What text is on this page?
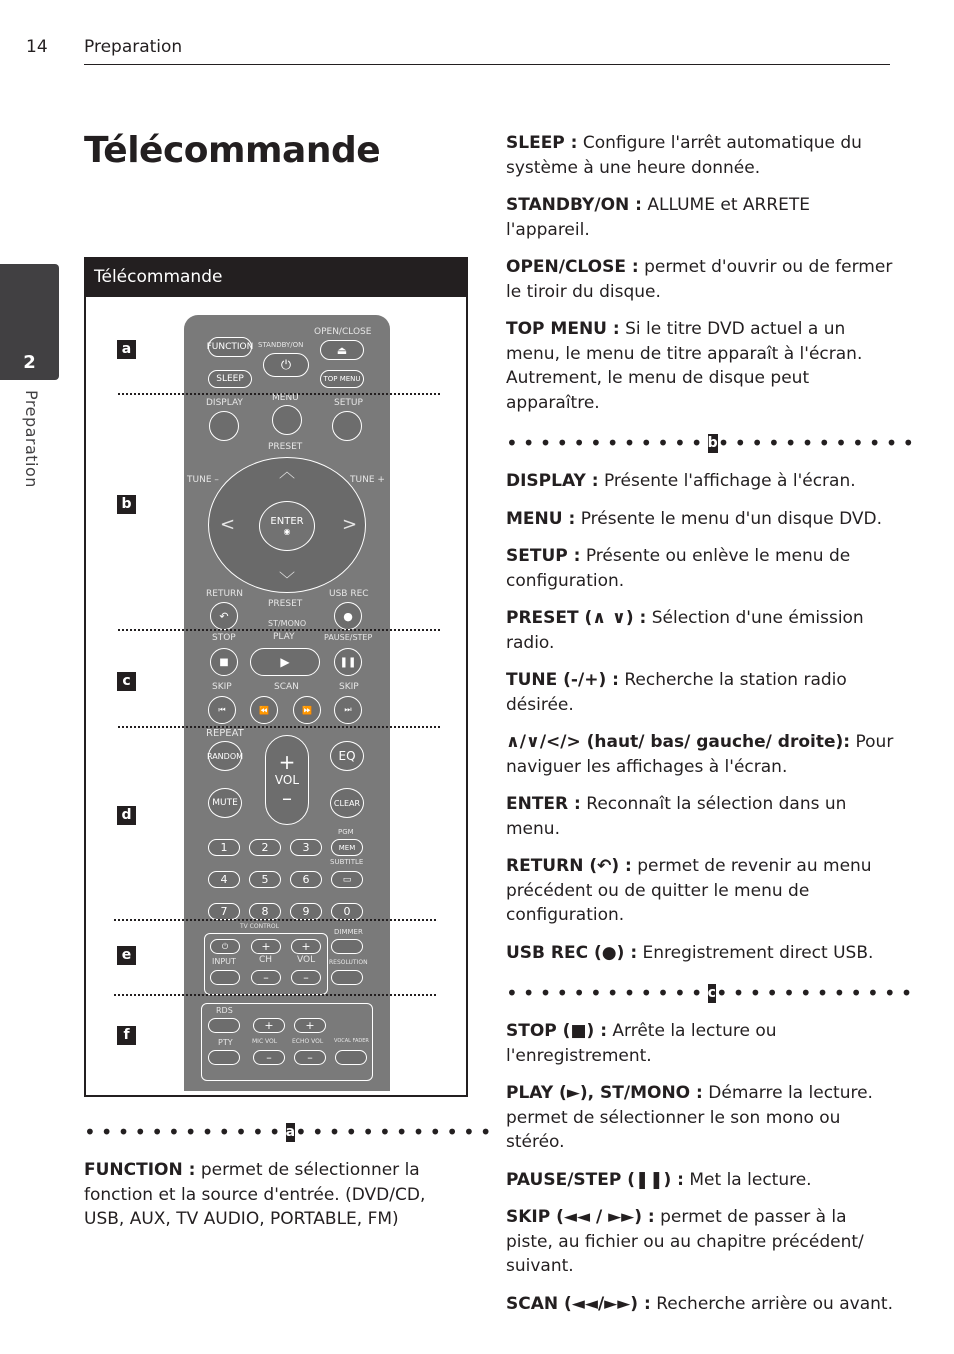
14 Preparation
2
Preparation
Télécommande
Télécommande
a
b
c
d
e
f
FUNCTION STANDBY/ON
⏻
OPEN/CLOSE
⏏
SLEEP	TOP MENU
DISPLAY	MENU	SETUP
PRESET
TUNE –	TUNE +
︿
﹀
<	>
ENTER
◉
PRESET
RETURN	USB REC
↶	●
STOP
ST/MONO
PLAY	PAUSE/STEP
■	▶	❚❚
SKIP	SCAN	SKIP
⏮	⏪	⏩	⏭
REPEAT
RANDOM +
VOL
–
EQ
MUTE	CLEAR
PGM
SUBTITLE
1	2	3	MEM
4	5	6	▭
7	8	9	0
TV CONTROL
DIMMER
⏻
INPUT
+
CH
–
+
VOL
–
RESOLUTION
RDS
+	+
PTY	MIC VOL ECHO VOL VOCAL FADER
–	–
•••••••••••• a ••••••••••••

FUNCTION : permet de sélectionner la fonction et la source d'entrée. (DVD/CD, USB, AUX, TV AUDIO, PORTABLE, FM)

SLEEP : Configure l'arrêt automatique du système à une heure donnée.

STANDBY/ON : ALLUME et ARRETE l'appareil.

OPEN/CLOSE : permet d'ouvrir ou de fermer le tiroir du disque.

TOP MENU : Si le titre DVD actuel a un menu, le menu de titre apparaît à l'écran. Autrement, le menu de disque peut apparaître.

•••••••••••• b ••••••••••••

DISPLAY : Présente l'affichage à l'écran.

MENU : Présente le menu d'un disque DVD.

SETUP : Présente ou enlève le menu de configuration.

PRESET (∧ ∨) : Sélection d'une émission radio.

TUNE (-/+) : Recherche la station radio désirée.

∧/∨/</> (haut/ bas/ gauche/ droite): Pour naviguer les affichages à l'écran.

ENTER : Reconnaît la sélection dans un menu.

RETURN (↶) : permet de revenir au menu précédent ou de quitter le menu de configuration.

USB REC (●) : Enregistrement direct USB.

•••••••••••• c ••••••••••••

STOP (■) : Arrête la lecture ou l'enregistrement.

PLAY (►), ST/MONO : Démarre la lecture. permet de sélectionner le son mono ou stéréo.

PAUSE/STEP (❚❚) : Met la lecture.

SKIP (◄◄ / ►►) : permet de passer à la piste, au fichier ou au chapitre précédent/ suivant.

SCAN (◄◄/►►) : Recherche arrière ou avant.
